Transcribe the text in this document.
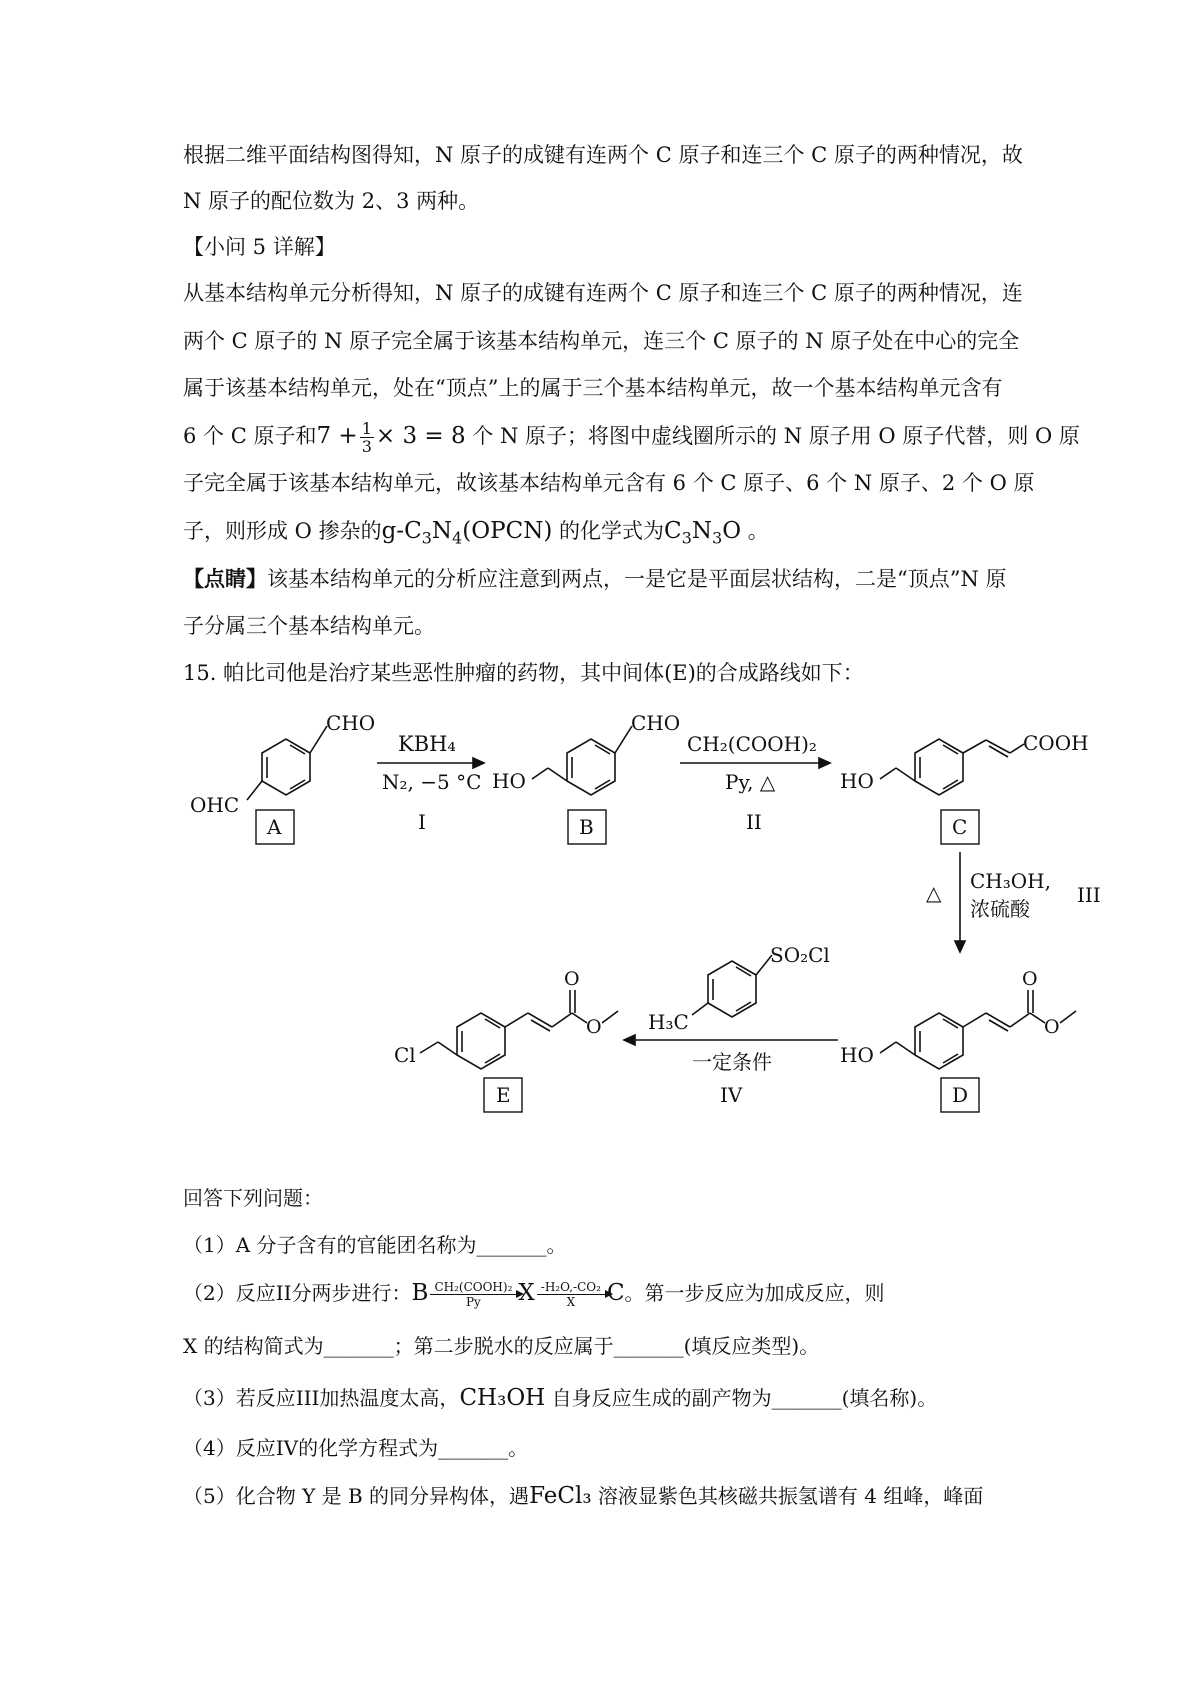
根据二维平面结构图得知，N 原子的成键有连两个 C 原子和连三个 C 原子的两种情况，故
N 原子的配位数为 2、3 两种。
【小问 5 详解】
从基本结构单元分析得知，N 原子的成键有连两个 C 原子和连三个 C 原子的两种情况，连
两个 C 原子的 N 原子完全属于该基本结构单元，连三个 C 原子的 N 原子处在中心的完全
属于该基本结构单元，处在“顶点”上的属于三个基本结构单元，故一个基本结构单元含有
6 个 C 原子和$7 + \frac{1}{3} \times 3 = 8$ 个 N 原子；将图中虚线圈所示的 N 原子用 O 原子代替，则 O 原
子完全属于该基本结构单元，故该基本结构单元含有 6 个 C 原子、6 个 N 原子、2 个 O 原
子，则形成 O 掺杂的$g-C_3N_4(OPCN)$ 的化学式为$C_3N_3O$ 。
【点睛】该基本结构单元的分析应注意到两点，一是它是平面层状结构，二是“顶点”N 原
子分属三个基本结构单元。
15. 帕比司他是治疗某些恶性肿瘤的药物，其中间体(E)的合成路线如下：
CHO
OHC
A
KBH₄
N₂, −5 °C
I
CHO
HO
B
CH₂(COOH)₂
Py, △
II
COOH
HO
C
△ CH₃OH,
浓硫酸
III
O
O
HO
D
SO₂Cl
H₃C
一定条件
IV
O
O
Cl
E
回答下列问题：
（1）A 分子含有的官能团名称为_______。
（2）反应II分两步进行：B CH₂(COOH)₂
Py	X $\frac{\text{-H₂O,-CO₂}}{X}$ C。第一步反应为加成反应，则
X 的结构简式为_______；第二步脱水的反应属于_______(填反应类型)。
（3）若反应III加热温度太高，CH₃OH 自身反应生成的副产物为_______(填名称)。
（4）反应IV的化学方程式为_______。
（5）化合物 Y 是 B 的同分异构体，遇FeCl₃ 溶液显紫色其核磁共振氢谱有 4 组峰，峰面
